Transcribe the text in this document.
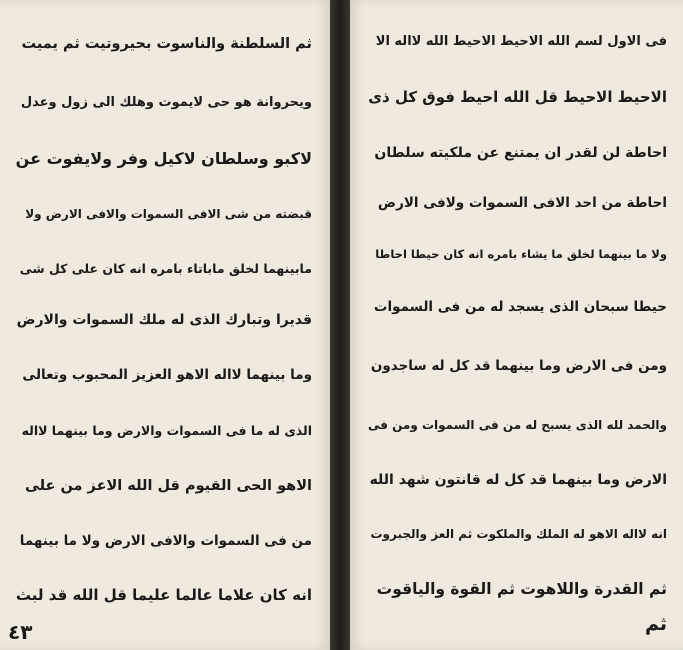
ثم السلطنة والناسوت بحيروتيت ثم يميت
ويحروانة هو حى لايموت وهلك الى زول وعدل
لاكبو وسلطان لاكيل وفر ولايفوت عن
قبضته من شى الافى السموات والافى الارض ولا
مابينهما لخلق ماباتاء بامره انه كان على كل شى
قديرا وتبارك الذى له ملك السموات والارض
وما بينهما لااله الاهو العزيز المحبوب وتعالى
الذى له ما فى السموات والارض وما بينهما لااله
الاهو الحى القيوم قل الله الاعز من على
من فى السموات والافى الارض ولا ما بينهما
انه كان علاما عالما عليما قل الله قد لبث
٤٣
فى الاول لسم الله الاحيط الاحيط الله لااله الا
الاحيط الاحيط قل الله احيط فوق كل ذى
احاطة لن لقدر ان يمتنع عن ملكيته سلطان
احاطة من احد الافى السموات ولافى الارض
ولا ما بينهما لخلق ما يشاء بامره انه كان حيطا احاطا
حيطا سبحان الذى يسجد له من فى السموات
ومن فى الارض وما بينهما قد كل له ساجدون
والحمد لله الذى يسبح له من فى السموات ومن فى
الارض وما بينهما قد كل له قانتون شهد الله
انه لااله الاهو له الملك والملكوت ثم العز والجبروت
ثم القدرة واللاهوت ثم القوة والياقوت
ثم
